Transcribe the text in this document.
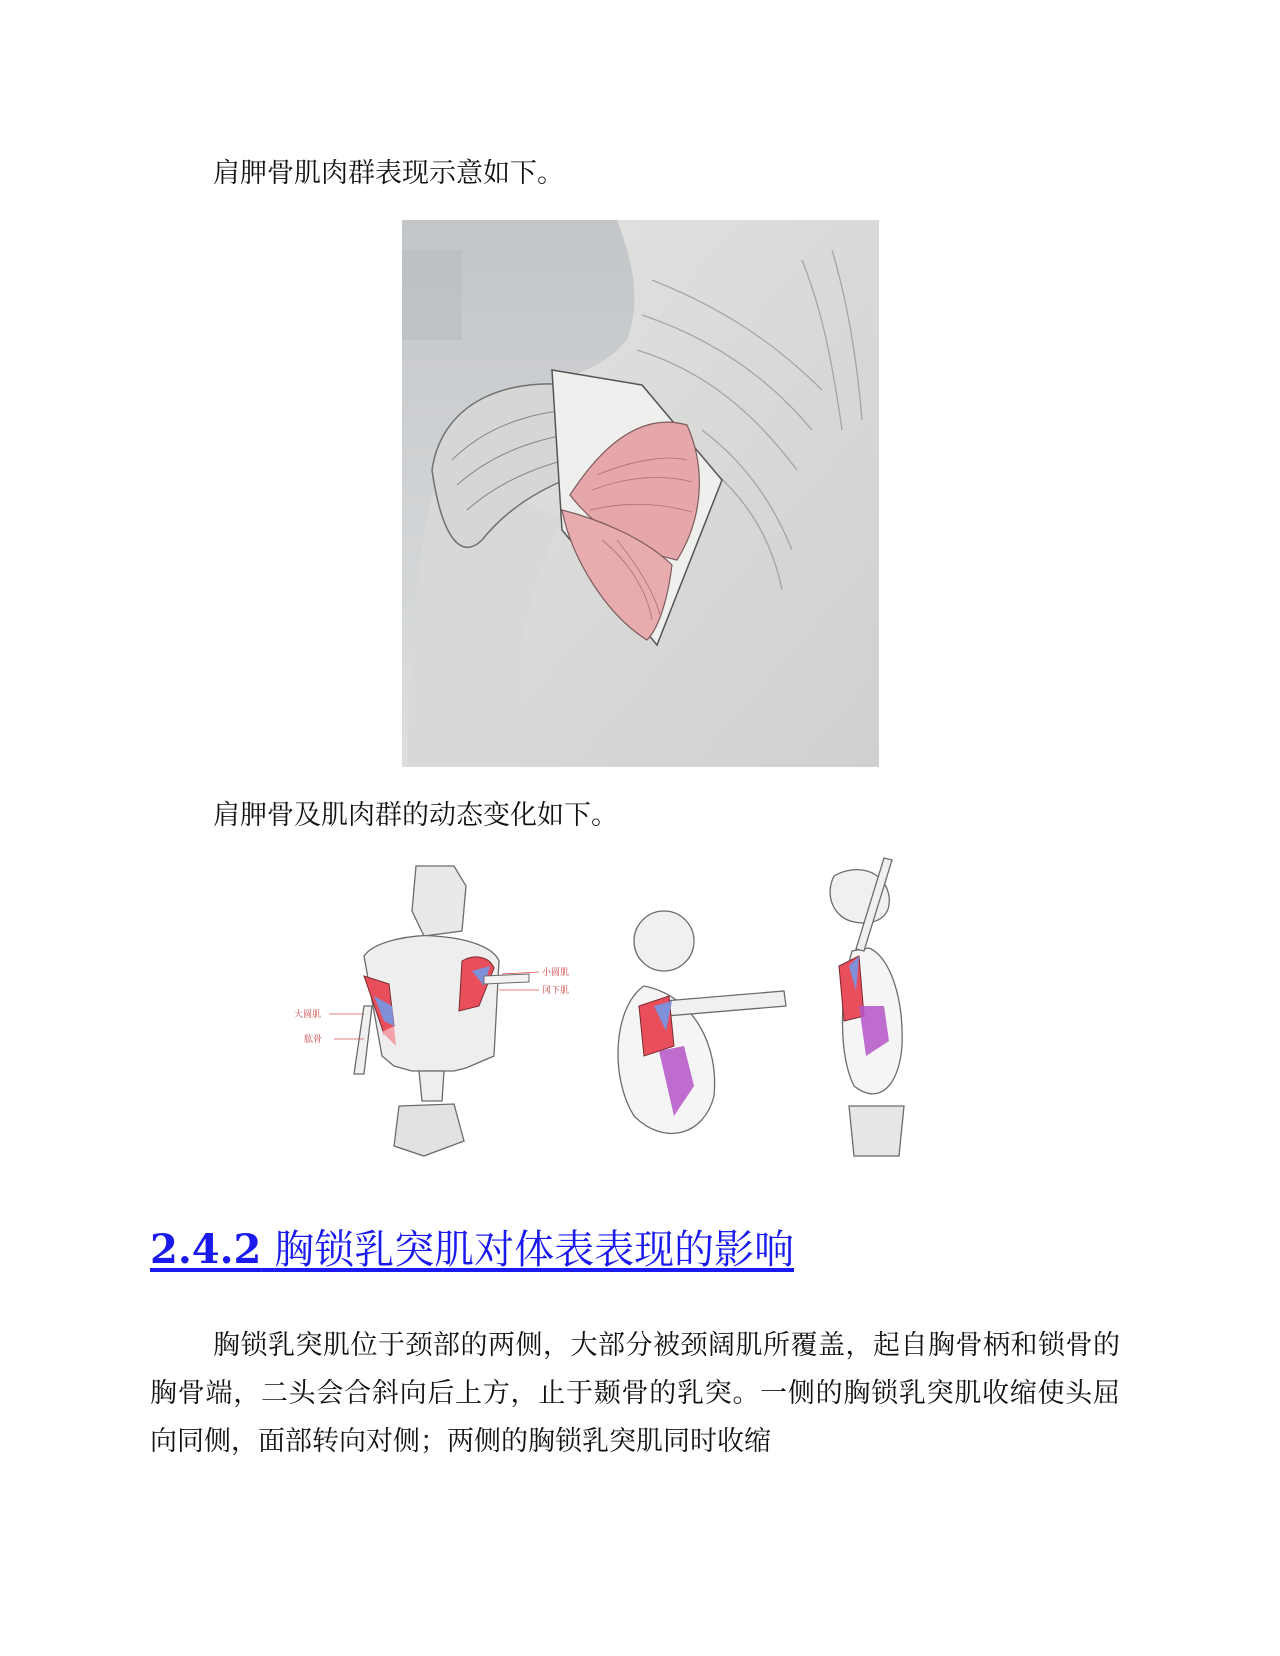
肩胛骨肌肉群表现示意如下。

肩胛骨及肌肉群的动态变化如下。

小圆肌
冈下肌
大圆肌
肱骨
2.4.2 胸锁乳突肌对体表表现的影响

胸锁乳突肌位于颈部的两侧，大部分被颈阔肌所覆盖，起自胸骨柄和锁骨的胸骨端，二头会合斜向后上方，止于颞骨的乳突。一侧的胸锁乳突肌收缩使头屈向同侧，面部转向对侧；两侧的胸锁乳突肌同时收缩
